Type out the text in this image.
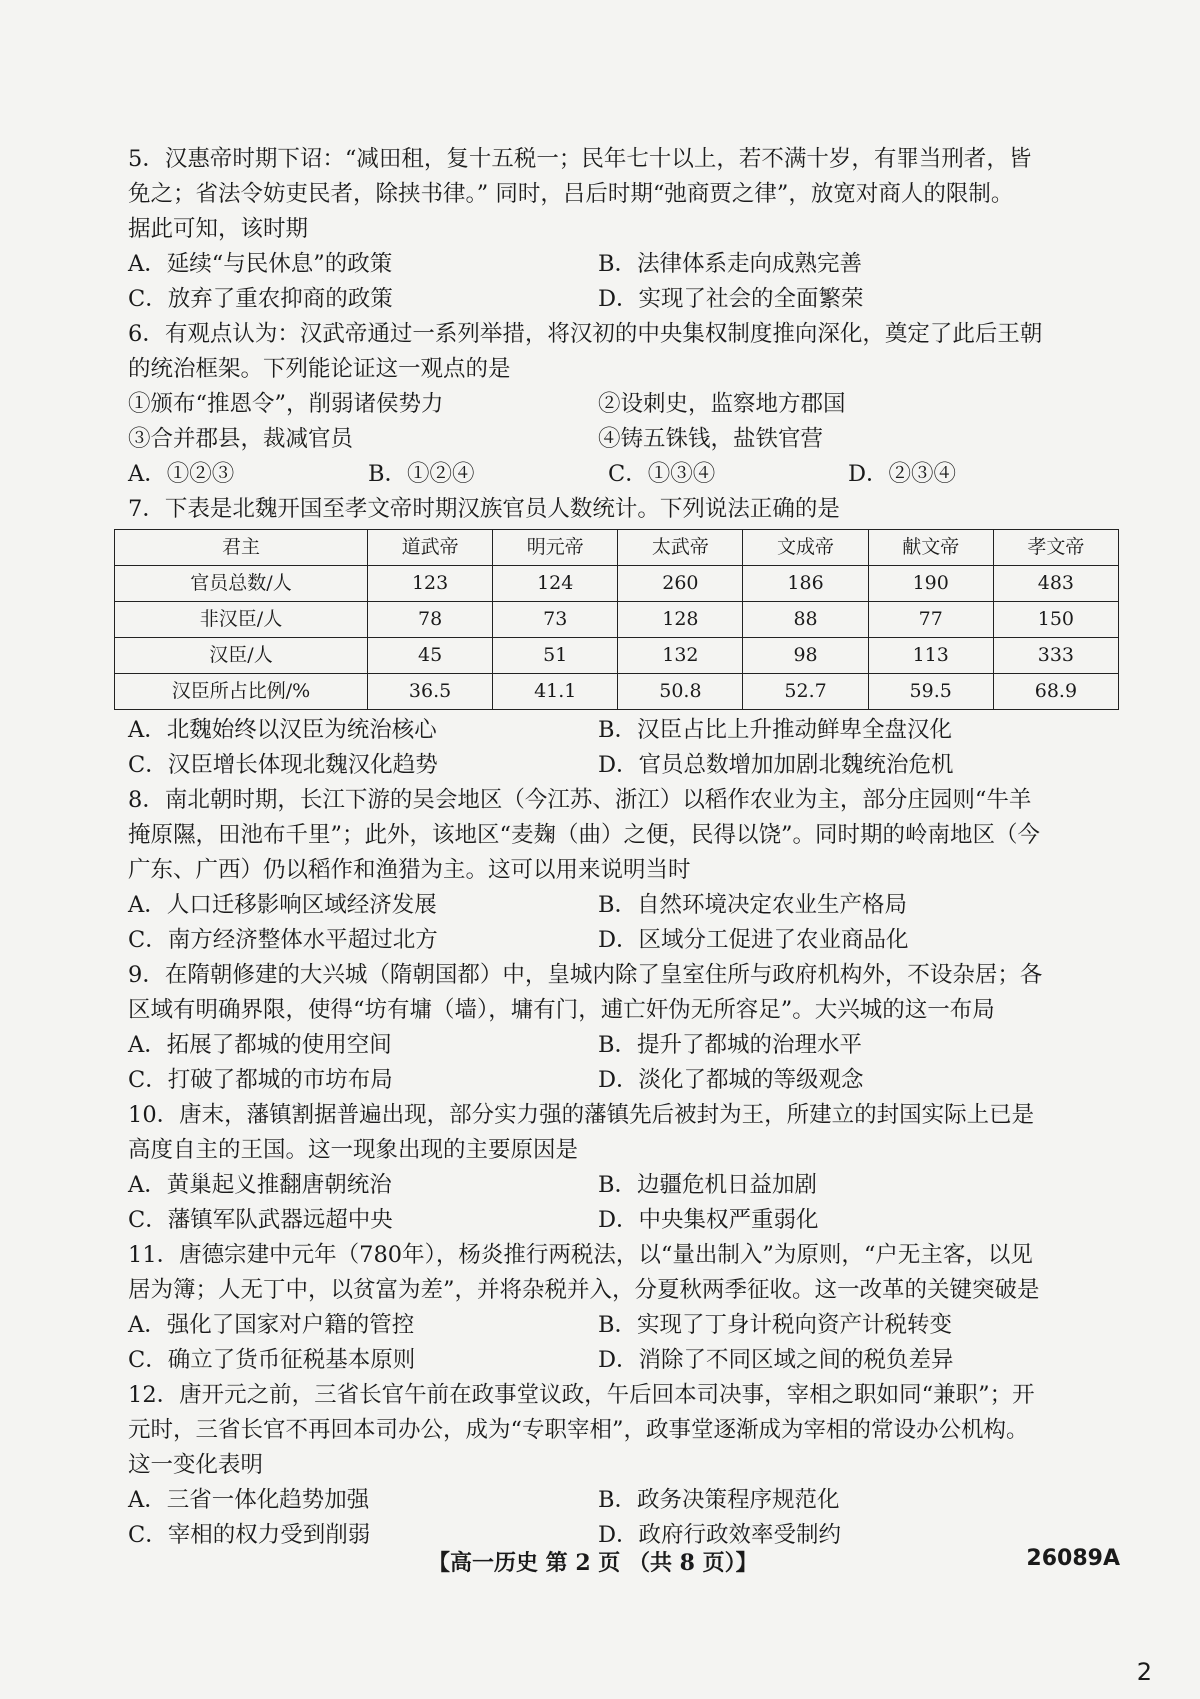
5．汉惠帝时期下诏：“减田租，复十五税一；民年七十以上，若不满十岁，有罪当刑者，皆
免之；省法令妨吏民者，除挟书律。” 同时，吕后时期“弛商贾之律”，放宽对商人的限制。
据此可知，该时期
A．延续“与民休息”的政策	B．法律体系走向成熟完善
C．放弃了重农抑商的政策	D．实现了社会的全面繁荣
6．有观点认为：汉武帝通过一系列举措，将汉初的中央集权制度推向深化，奠定了此后王朝
的统治框架。下列能论证这一观点的是
①颁布“推恩令”，削弱诸侯势力	②设刺史，监察地方郡国
③合并郡县，裁减官员	④铸五铢钱，盐铁官营
A．①②③	B．①②④	C．①③④	D．②③④
7．下表是北魏开国至孝文帝时期汉族官员人数统计。下列说法正确的是
君主	道武帝	明元帝	太武帝	文成帝	献文帝	孝文帝
官员总数/人	123	124	260	186	190	483
非汉臣/人	78	73	128	88	77	150
汉臣/人	45	51	132	98	113	333
汉臣所占比例/%	36.5	41.1	50.8	52.7	59.5	68.9
A．北魏始终以汉臣为统治核心	B．汉臣占比上升推动鲜卑全盘汉化
C．汉臣增长体现北魏汉化趋势	D．官员总数增加加剧北魏统治危机
8．南北朝时期，长江下游的吴会地区（今江苏、浙江）以稻作农业为主，部分庄园则“牛羊
掩原隰，田池布千里”；此外，该地区“麦麹（曲）之便，民得以饶”。同时期的岭南地区（今
广东、广西）仍以稻作和渔猎为主。这可以用来说明当时
A．人口迁移影响区域经济发展	B．自然环境决定农业生产格局
C．南方经济整体水平超过北方	D．区域分工促进了农业商品化
9．在隋朝修建的大兴城（隋朝国都）中，皇城内除了皇室住所与政府机构外，不设杂居；各
区域有明确界限，使得“坊有墉（墙），墉有门，逋亡奸伪无所容足”。大兴城的这一布局
A．拓展了都城的使用空间	B．提升了都城的治理水平
C．打破了都城的市坊布局	D．淡化了都城的等级观念
10．唐末，藩镇割据普遍出现，部分实力强的藩镇先后被封为王，所建立的封国实际上已是
高度自主的王国。这一现象出现的主要原因是
A．黄巢起义推翻唐朝统治	B．边疆危机日益加剧
C．藩镇军队武器远超中央	D．中央集权严重弱化
11．唐德宗建中元年（780年），杨炎推行两税法，以“量出制入”为原则，“户无主客，以见
居为簿；人无丁中，以贫富为差”，并将杂税并入，分夏秋两季征收。这一改革的关键突破是
A．强化了国家对户籍的管控	B．实现了丁身计税向资产计税转变
C．确立了货币征税基本原则	D．消除了不同区域之间的税负差异
12．唐开元之前，三省长官午前在政事堂议政，午后回本司决事，宰相之职如同“兼职”；开
元时，三省长官不再回本司办公，成为“专职宰相”，政事堂逐渐成为宰相的常设办公机构。
这一变化表明
A．三省一体化趋势加强	B．政务决策程序规范化
C．宰相的权力受到削弱	D．政府行政效率受制约
【高一历史 第 2 页 （共 8 页）】	26089A
2
